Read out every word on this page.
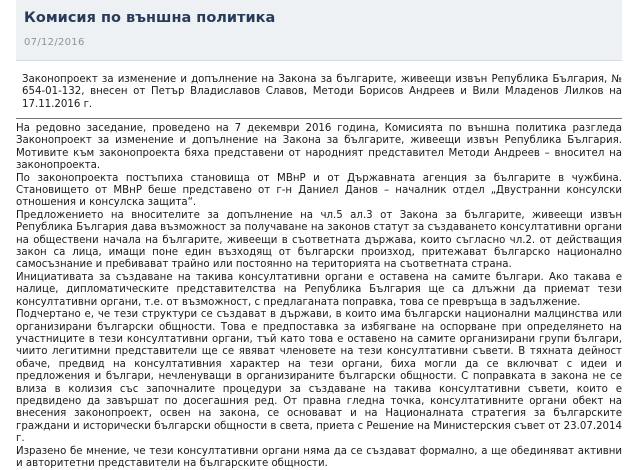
Комисия по външна политика
07/12/2016
Законопроект за изменение и допълнение на Закона за българите, живеещи извън Република България, № 654-01-132, внесен от Петър Владиславов Славов, Методи Борисов Андреев и Вили Младенов Лилков на 17.11.2016 г.

На редовно заседание, проведено на 7 декември 2016 година, Комисията по външна политика разгледа Законопроект за изменение и допълнение на Закона за българите, живеещи извън Република България. Мотивите към законопроекта бяха представени от народният представител Методи Андреев – вносител на законопроекта.

По законопроекта постъпиха становища от МВнР и от Държавната агенция за българите в чужбина. Становището от МВнР беше представено от г-н Даниел Данов – началник отдел „Двустранни консулски отношения и консулска защита“.

Предложението на вносителите за допълнение на чл.5 ал.3 от Закона за българите, живеещи извън Република България дава възможност за получаване на законов статут за създаването консултативни органи на обществени начала на българите, живеещи в съответната държава, които съгласно чл.2. от действащия закон са лица, имащи поне един възходящ от български произход, притежават българско национално самосъзнание и пребивават трайно или постоянно на територията на съответната страна.

Инициативата за създаване на такива консултативни органи е оставена на самите българи. Ако такава е налице, дипломатическите представителства на Република България ще са длъжни да приемат тези консултативни органи, т.е. от възможност, с предлаганата поправка, това се превръща в задължение.

Подчертано е, че тези структури се създават в държави, в които има български национални малцинства или организирани български общности. Това е предпоставка за избягване на оспорване при определянето на участниците в тези консултативни органи, тъй като това е оставено на самите организирани групи българи, чиито легитимни представители ще се явяват членовете на тези консултативни съвети. В тяхната дейност обаче, предвид на консултативния характер на тези органи, биха могли да се включват с идеи и предложения и българи, нечленуващи в организираните български общности. С поправката в закона не се влиза в колизия със започналите процедури за създаване на такива консултативни съвети, които е предвидено да завършат по досегашния ред. От правна гледна точка, консултативните органи обект на внесения законопроект, освен на закона, се основават и на Националната стратегия за българските граждани и исторически български общности в света, приета с Решение на Министерския съвет от 23.07.2014 г.

Изразено бе мнение, че тези консултативни органи няма да се създават формално, а ще обединяват активни и авторитетни представители на българските общности.
